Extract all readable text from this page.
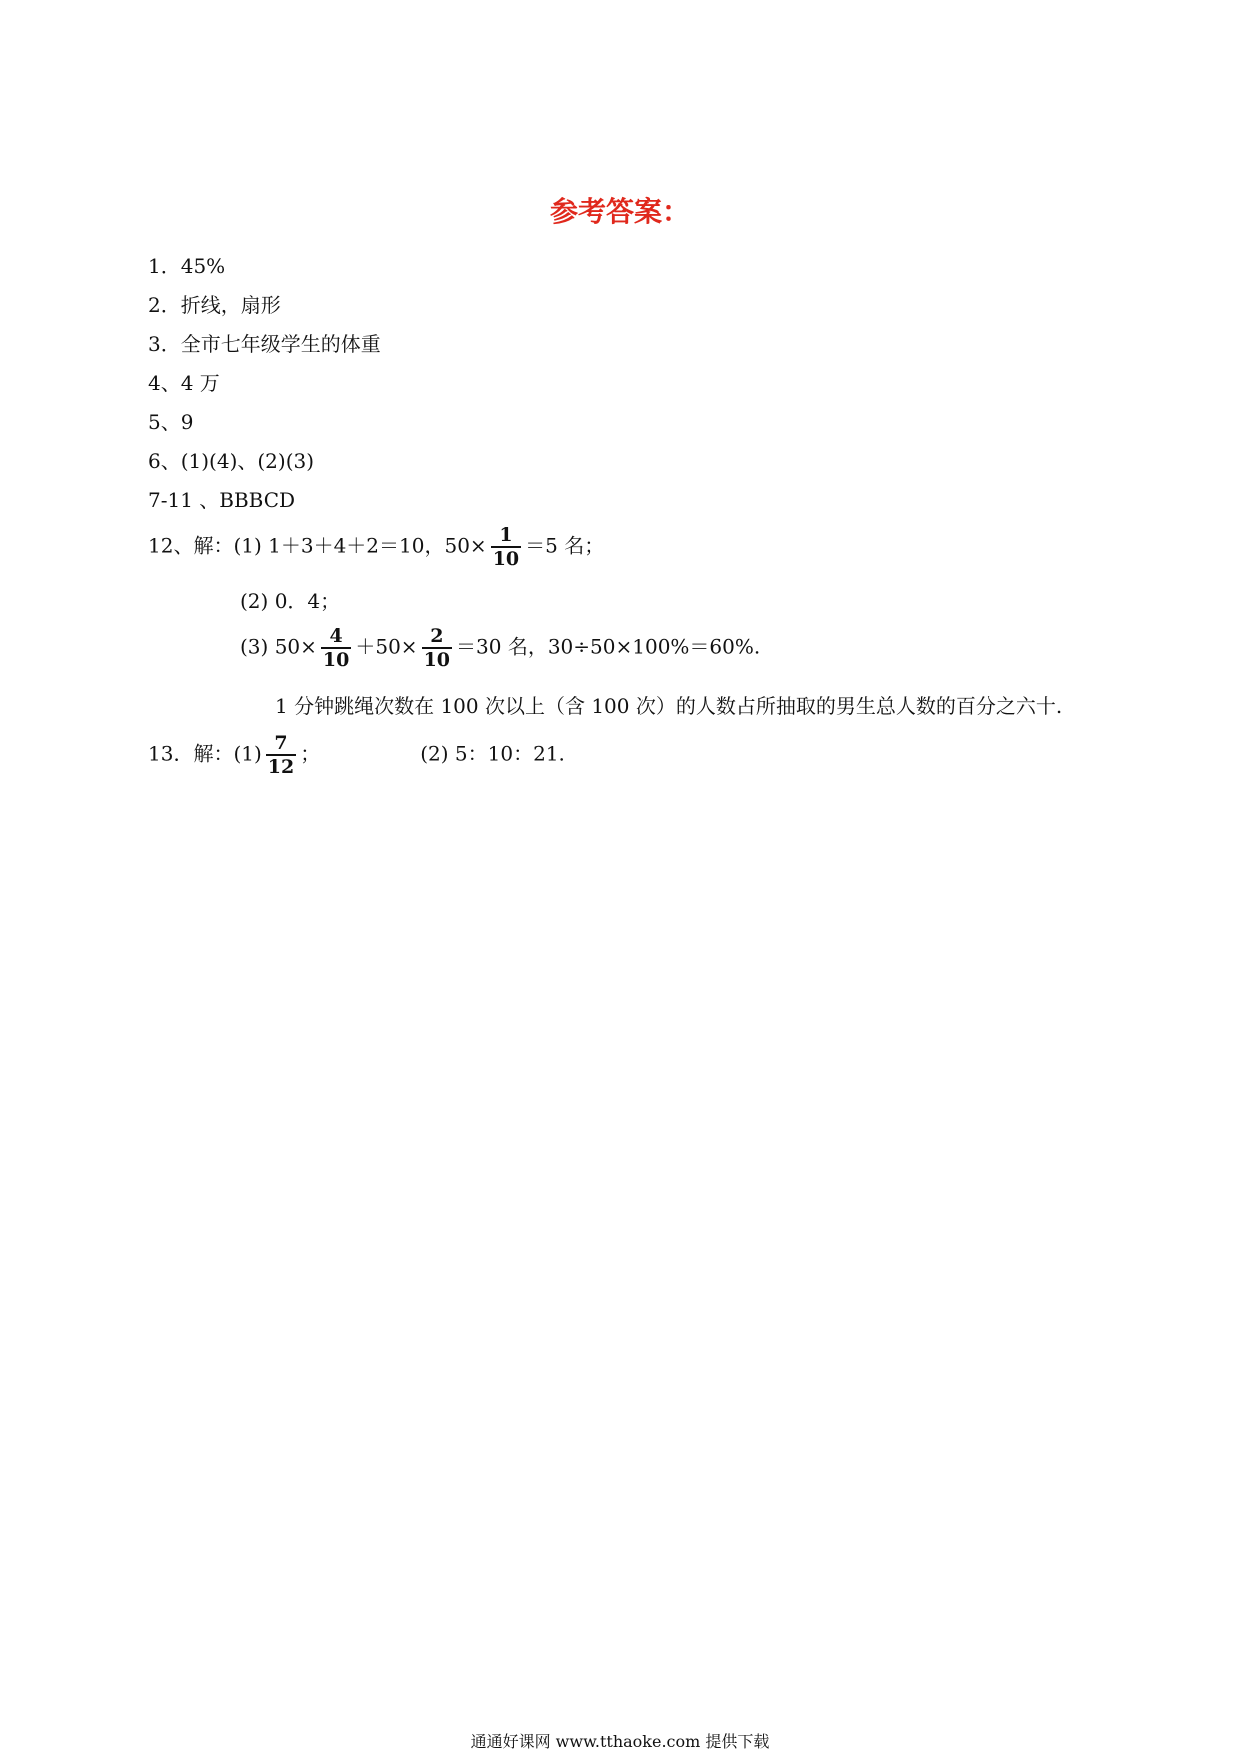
参考答案：
1．45%
2．折线，扇形
3．全市七年级学生的体重
4、4 万
5、9
6、(1)(4)、(2)(3)
7-11 、BBBCD
12、解：(1) 1＋3＋4＋2＝10，$50\times \frac{1}{10} =5$ 名；
(2) 0．4；
(3) $50\times \frac{4}{10} +50\times \frac{2}{10} =30$ 名，30÷50×100%＝60%.
1 分钟跳绳次数在 100 次以上（含 100 次）的人数占所抽取的男生总人数的百分之六十.
13．解：$(1) \frac{7}{12}$ ；	(2) 5：10：21.
通通好课网 www.tthaoke.com 提供下载
